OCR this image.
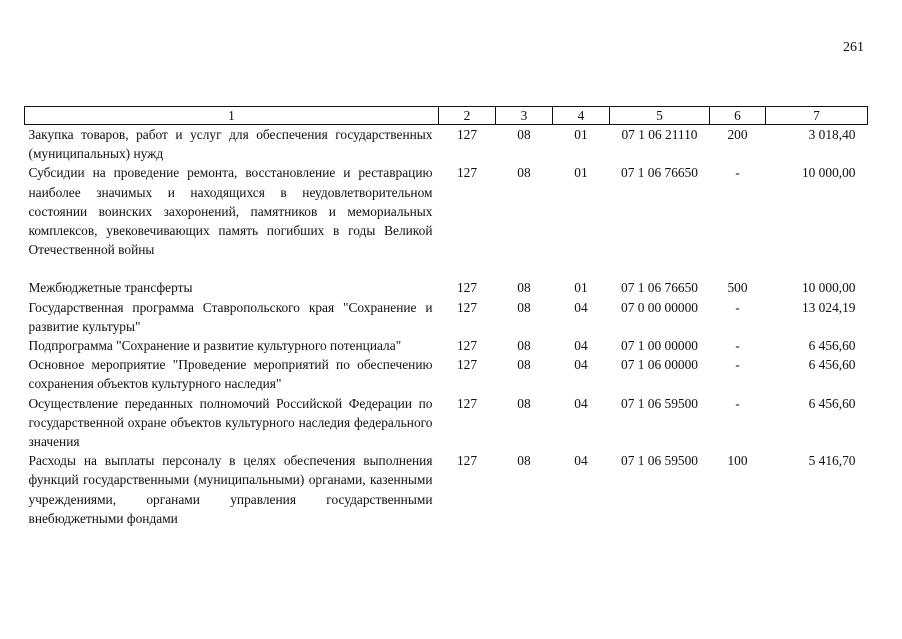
261
1	2	3	4	5	6	7
Закупка товаров, работ и услуг для обеспечения государственных (муниципальных) нужд	127	08	01	07 1 06 21110	200	3 018,40
Субсидии на проведение ремонта, восстановление и реставрацию наиболее значимых и находящихся в неудовлетворительном состоянии воинских захоронений, памятников и мемориальных комплексов, увековечивающих память погибших в годы Великой Отечественной войны	127	08	01	07 1 06 76650	-	10 000,00
Межбюджетные трансферты	127	08	01	07 1 06 76650	500	10 000,00
Государственная программа Ставропольского края "Сохранение и развитие культуры"	127	08	04	07 0 00 00000	-	13 024,19
Подпрограмма "Сохранение и развитие культурного потенциала"	127	08	04	07 1 00 00000	-	6 456,60
Основное мероприятие "Проведение мероприятий по обеспечению сохранения объектов культурного наследия"	127	08	04	07 1 06 00000	-	6 456,60
Осуществление переданных полномочий Российской Федерации по государственной охране объектов культурного наследия федерального значения	127	08	04	07 1 06 59500	-	6 456,60
Расходы на выплаты персоналу в целях обеспечения выполнения функций государственными (муниципальными) органами, казенными учреждениями, органами управления государственными внебюджетными фондами	127	08	04	07 1 06 59500	100	5 416,70
